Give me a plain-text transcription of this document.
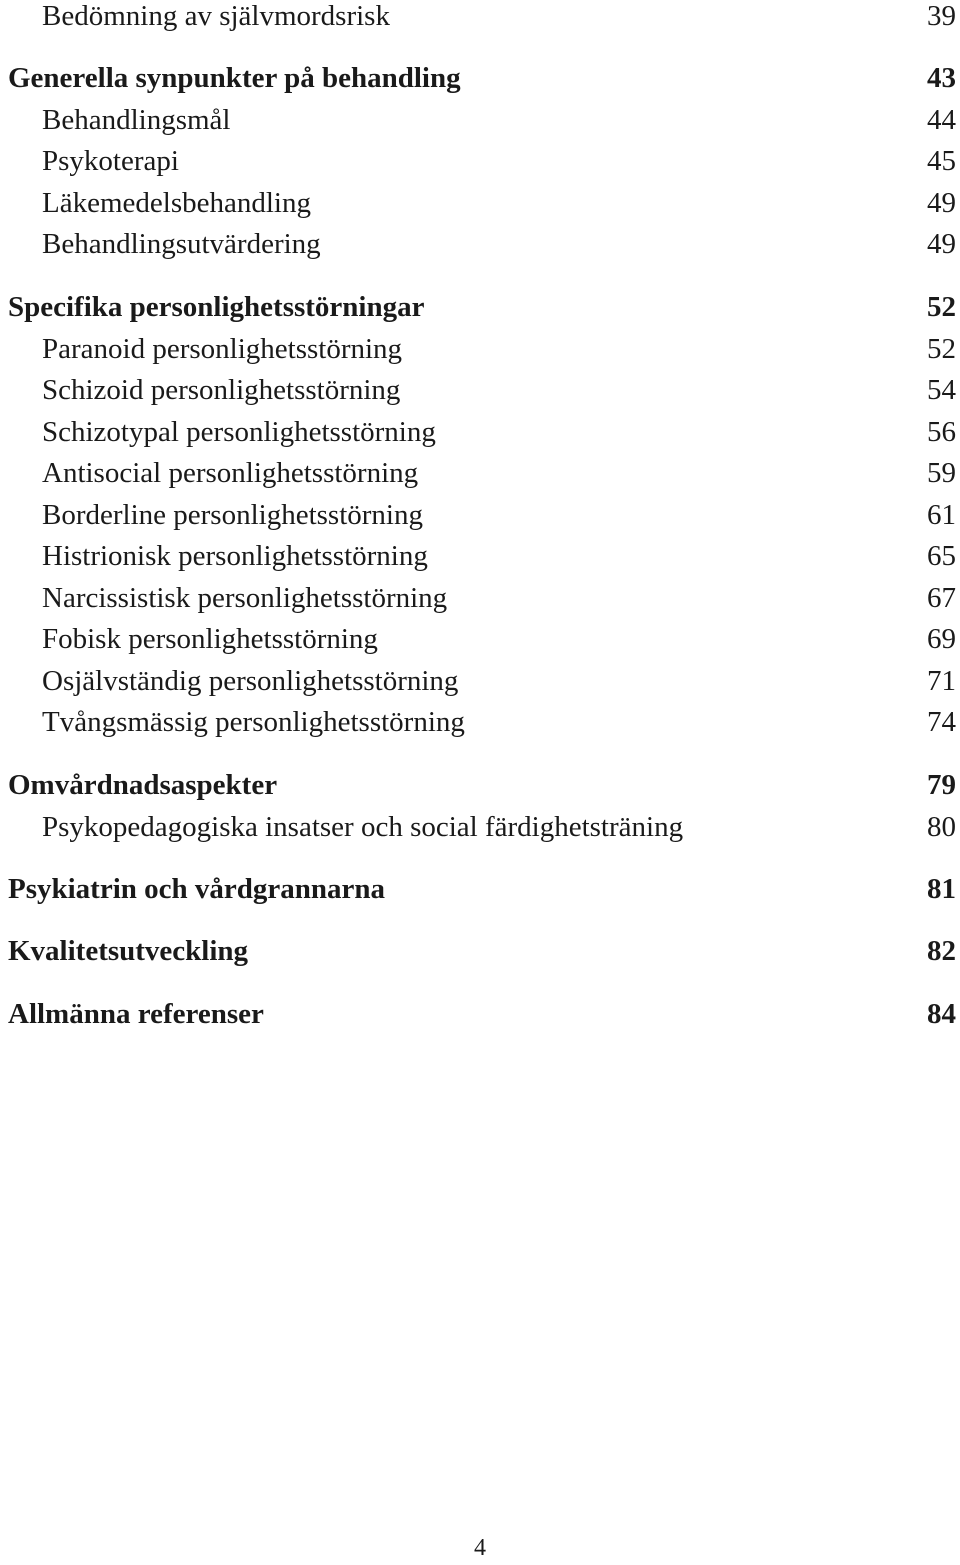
Bedömning av självmordsrisk	39
Generella synpunkter på behandling	43
Behandlingsmål	44
Psykoterapi	45
Läkemedelsbehandling	49
Behandlingsutvärdering	49
Specifika personlighetsstörningar	52
Paranoid personlighetsstörning	52
Schizoid personlighetsstörning	54
Schizotypal personlighetsstörning	56
Antisocial personlighetsstörning	59
Borderline personlighetsstörning	61
Histrionisk personlighetsstörning	65
Narcissistisk personlighetsstörning	67
Fobisk personlighetsstörning	69
Osjälvständig personlighetsstörning	71
Tvångsmässig personlighetsstörning	74
Omvårdnadsaspekter	79
Psykopedagogiska insatser och social färdighetsträning	80
Psykiatrin och vårdgrannarna	81
Kvalitetsutveckling	82
Allmänna referenser	84
4
